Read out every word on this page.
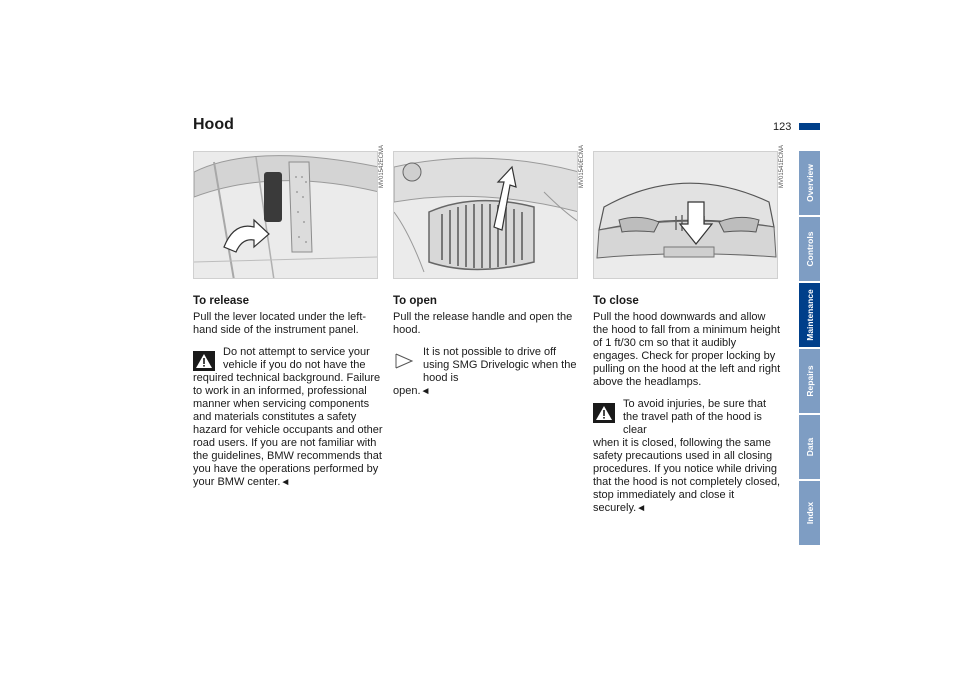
Hood	123
Overview
Controls
Maintenance
Repairs
Data
Index
MV01542ECMA	MV01540ECMA	MV01541ECMA
To release

Pull the lever located under the left-hand side of the instrument panel.

Do not attempt to service your vehicle if you do not have the
required technical background. Failure to work in an informed, professional manner when servicing components and materials constitutes a safety hazard for vehicle occupants and other road users. If you are not familiar with the guidelines, BMW recommends that you have the operations performed by your BMW center.◄
To open

Pull the release handle and open the hood.

It is not possible to drive off using SMG Drivelogic when the hood is
open.◄
To close

Pull the hood downwards and allow the hood to fall from a minimum height of 1 ft/30 cm so that it audibly engages. Check for proper locking by pulling on the hood at the left and right above the headlamps.

To avoid injuries, be sure that the travel path of the hood is clear
when it is closed, following the same safety precautions used in all closing procedures. If you notice while driving that the hood is not completely closed, stop immediately and close it securely.◄
